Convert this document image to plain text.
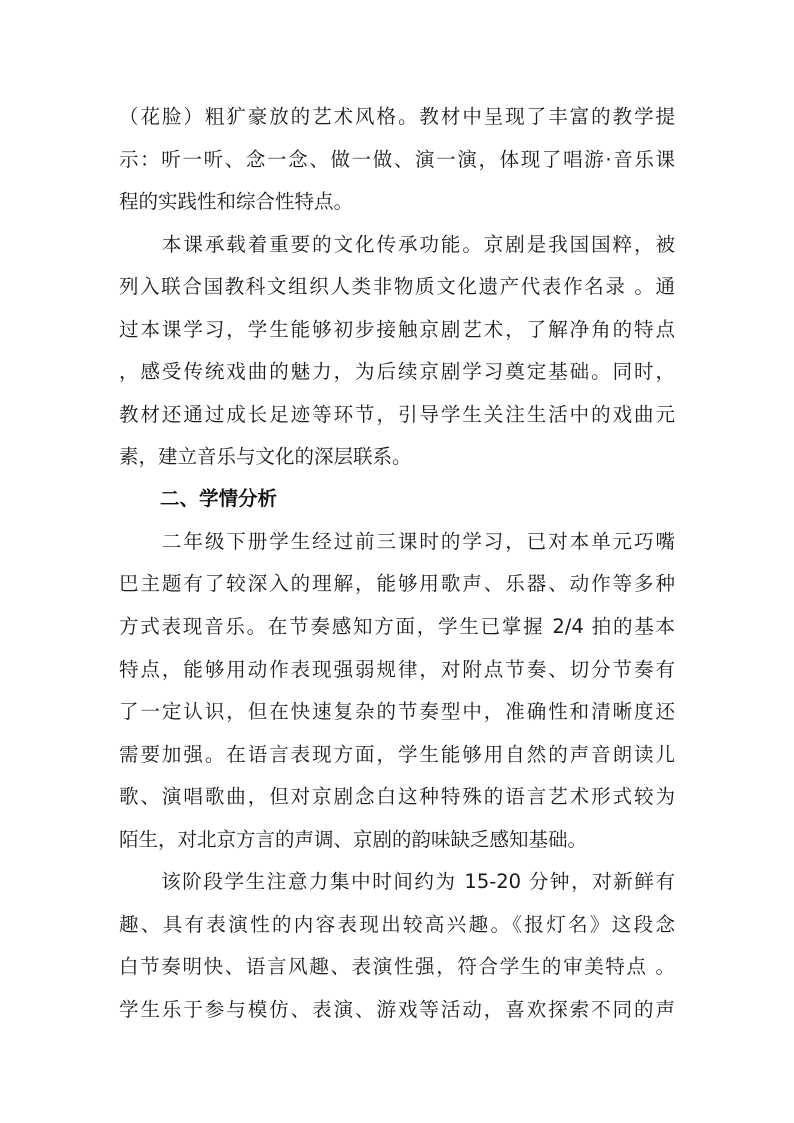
（花脸）粗犷豪放的艺术风格。教材中呈现了丰富的教学提
示：听一听、念一念、做一做、演一演，体现了唱游·音乐课
程的实践性和综合性特点。
　　本课承载着重要的文化传承功能。京剧是我国国粹，被
列入联合国教科文组织人类非物质文化遗产代表作名录 。通
过本课学习，学生能够初步接触京剧艺术，了解净角的特点
，感受传统戏曲的魅力，为后续京剧学习奠定基础。同时，
教材还通过成长足迹等环节，引导学生关注生活中的戏曲元
素，建立音乐与文化的深层联系。
二、学情分析
　　二年级下册学生经过前三课时的学习，已对本单元巧嘴
巴主题有了较深入的理解，能够用歌声、乐器、动作等多种
方式表现音乐。在节奏感知方面，学生已掌握 2/4 拍的基本
特点，能够用动作表现强弱规律，对附点节奏、切分节奏有
了一定认识，但在快速复杂的节奏型中，准确性和清晰度还
需要加强。在语言表现方面，学生能够用自然的声音朗读儿
歌、演唱歌曲，但对京剧念白这种特殊的语言艺术形式较为
陌生，对北京方言的声调、京剧的韵味缺乏感知基础。
　　该阶段学生注意力集中时间约为 15-20 分钟，对新鲜有
趣、具有表演性的内容表现出较高兴趣。《报灯名》这段念
白节奏明快、语言风趣、表演性强，符合学生的审美特点 。
学生乐于参与模仿、表演、游戏等活动，喜欢探索不同的声
